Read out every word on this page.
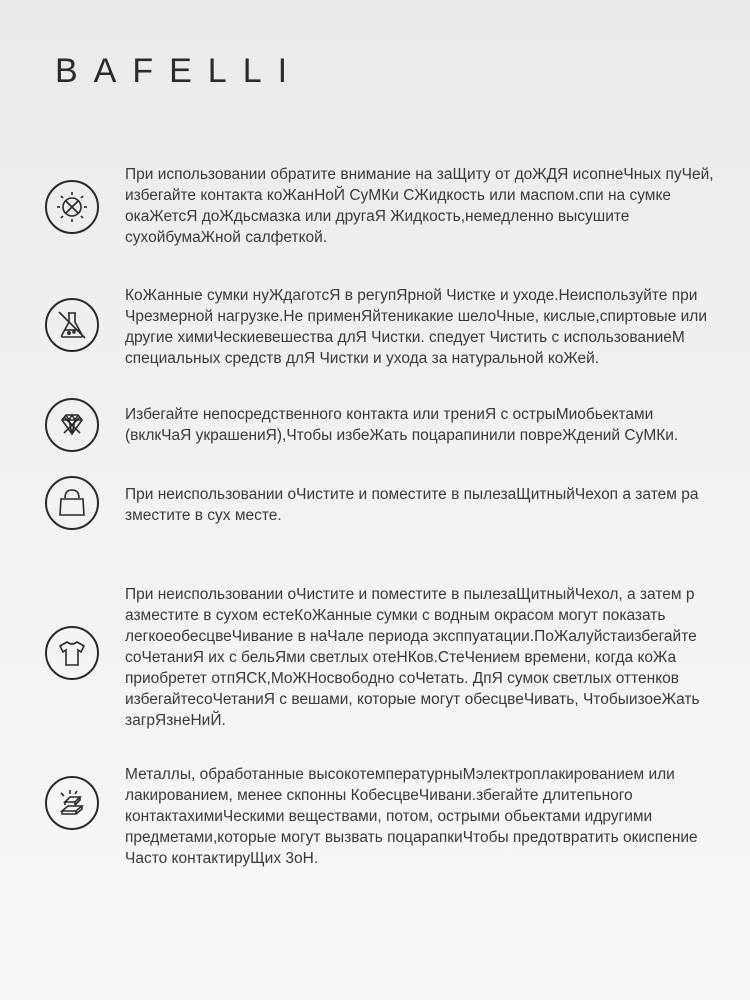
BAFELLI
При использовании обратите внимание на заЩиту от доЖДЯ исопнеЧных пуЧей, избегайте контакта коЖанНоЙ СуМКи СЖидкость или маспом.спи на сумке окаЖетсЯ доЖдьсмазка или другаЯ Жидкость,немедленно высушите сухойбумаЖной салфеткой.
КоЖанные сумки нуЖдаготсЯ в регупЯрной Чистке и уходе.Неиспользуйте при Чрезмерной нагрузке.Не применЯйтеникакие шелоЧные, кислые,спиртовые или другие химиЧескиевешества длЯ Чистки. спедует Чистить с использованиеМ специальных средств длЯ Чистки и ухода за натуральной коЖей.
Избегайте непосредственного контакта или трениЯ с острыМиобьектами (вклкЧаЯ украшениЯ),Чтобы избеЖать поцарапинили повреЖдений СуМКи.
При неиспользовании оЧистите и поместите в пылезаЩитныйЧехоп а затем ра зместите в сух месте.
При неиспользовании оЧистите и поместите в пылезаЩитныйЧехол, а затем р азместите в сухом естеКоЖанные сумки с водным окрасом могут показать легкоеобесцвеЧивание в наЧале периода эксппуатации.ПоЖалуйстаизбегайте соЧетаниЯ их с бельЯми светлых отеНКов.СтеЧением времени, когда коЖа приобретет отпЯСК,МоЖНосвободно соЧетать. ДпЯ сумок светлых оттенков избегайтесоЧетаниЯ с вешами, которые могут обесцвеЧивать, ЧтобыизоеЖать загрЯзнеНиЙ.
Металлы, обработанные высокотемпературныМэлектроплакированием или лакированием, менее скпонны КобесцвеЧивани.збегайте длитепьного контактахимиЧескими веществами, потом, острыми обьектами идругими предметами,которые могут вызвать поцарапкиЧтобы предотвратить окиспение Часто контактируЩих 3оН.
